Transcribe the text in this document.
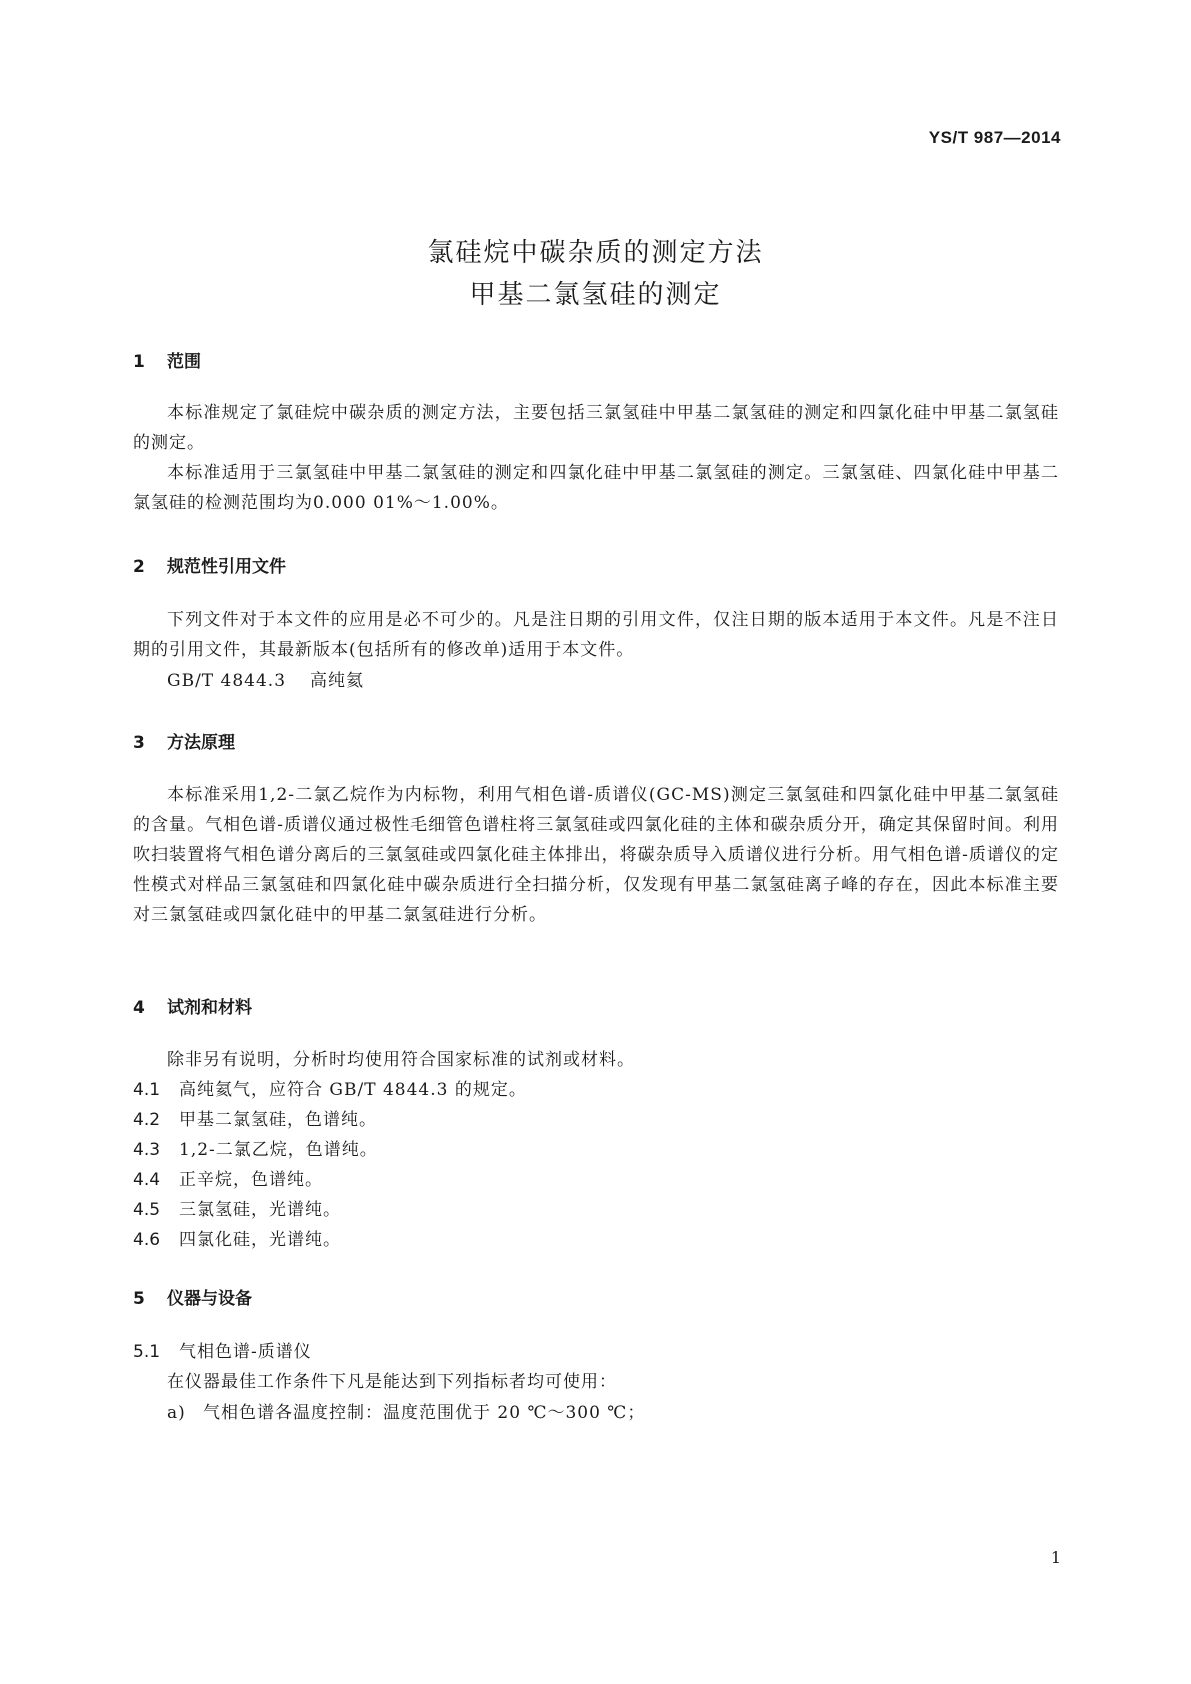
YS/T 987—2014
氯硅烷中碳杂质的测定方法
甲基二氯氢硅的测定
1 范围
本标准规定了氯硅烷中碳杂质的测定方法，主要包括三氯氢硅中甲基二氯氢硅的测定和四氯化硅中甲基二氯氢硅的测定。
本标准适用于三氯氢硅中甲基二氯氢硅的测定和四氯化硅中甲基二氯氢硅的测定。三氯氢硅、四氯化硅中甲基二氯氢硅的检测范围均为0.000 01%～1.00%。
2 规范性引用文件
下列文件对于本文件的应用是必不可少的。凡是注日期的引用文件，仅注日期的版本适用于本文件。凡是不注日期的引用文件，其最新版本(包括所有的修改单)适用于本文件。
GB/T 4844.3 高纯氦
3 方法原理
本标准采用1,2-二氯乙烷作为内标物，利用气相色谱-质谱仪(GC-MS)测定三氯氢硅和四氯化硅中甲基二氯氢硅的含量。气相色谱-质谱仪通过极性毛细管色谱柱将三氯氢硅或四氯化硅的主体和碳杂质分开，确定其保留时间。利用吹扫装置将气相色谱分离后的三氯氢硅或四氯化硅主体排出，将碳杂质导入质谱仪进行分析。用气相色谱-质谱仪的定性模式对样品三氯氢硅和四氯化硅中碳杂质进行全扫描分析，仅发现有甲基二氯氢硅离子峰的存在，因此本标准主要对三氯氢硅或四氯化硅中的甲基二氯氢硅进行分析。
4 试剂和材料
除非另有说明，分析时均使用符合国家标准的试剂或材料。
4.1 高纯氦气，应符合 GB/T 4844.3 的规定。
4.2 甲基二氯氢硅，色谱纯。
4.3 1,2-二氯乙烷，色谱纯。
4.4 正辛烷，色谱纯。
4.5 三氯氢硅，光谱纯。
4.6 四氯化硅，光谱纯。
5 仪器与设备
5.1 气相色谱-质谱仪
在仪器最佳工作条件下凡是能达到下列指标者均可使用：
a) 气相色谱各温度控制：温度范围优于 20 ℃～300 ℃；
1
